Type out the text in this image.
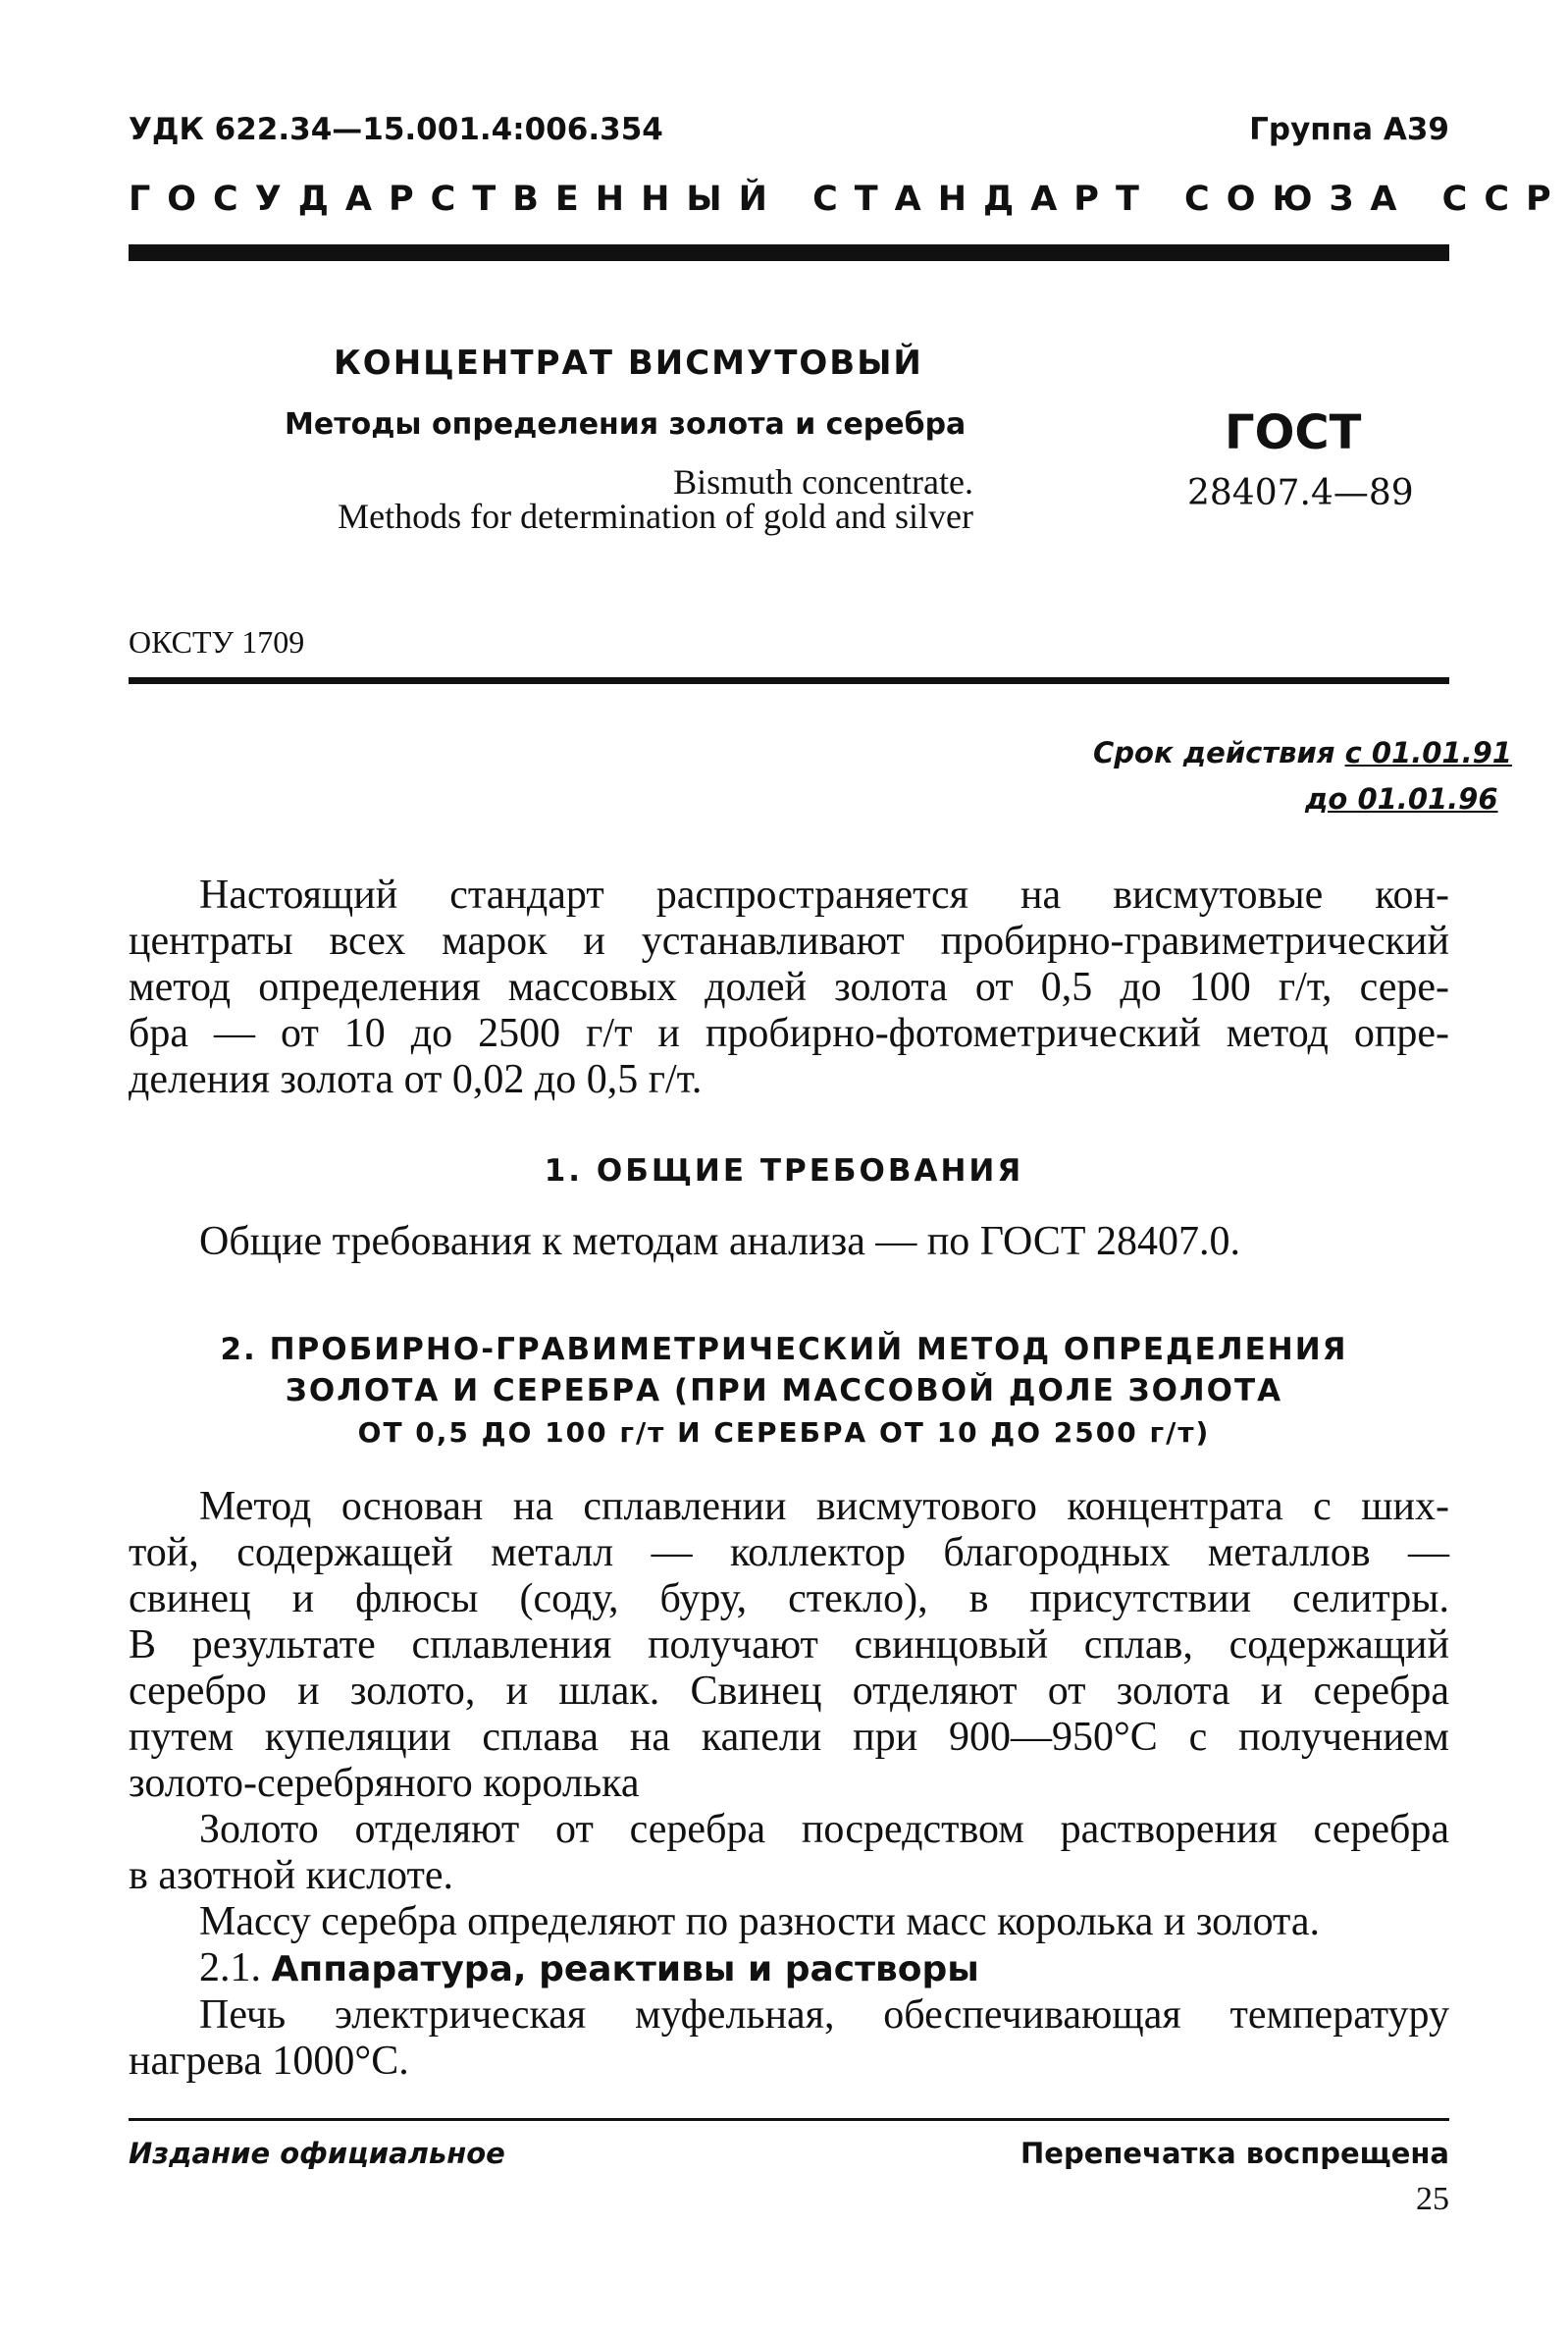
УДК 622.34—15.001.4:006.354	Группа А39
ГОСУДАРСТВЕННЫЙ СТАНДАРТ СОЮЗА ССР
КОНЦЕНТРАТ ВИСМУТОВЫЙ
Методы определения золота и серебра
Bismuth concentrate.
Methods for determination of gold and silver
ГОСТ
28407.4—89
ОКСТУ 1709
Срок действия с 01.01.91
до 01.01.96
Настоящий стандарт распространяется на висмутовые кон-
центраты всех марок и устанавливают пробирно-гравиметрический
метод определения массовых долей золота от 0,5 до 100 г/т, сере-
бра — от 10 до 2500 г/т и пробирно-фотометрический метод опре-
деления золота от 0,02 до 0,5 г/т.
1. ОБЩИЕ ТРЕБОВАНИЯ
Общие требования к методам анализа — по ГОСТ 28407.0.
2. ПРОБИРНО-ГРАВИМЕТРИЧЕСКИЙ МЕТОД ОПРЕДЕЛЕНИЯ
ЗОЛОТА И СЕРЕБРА (ПРИ МАССОВОЙ ДОЛЕ ЗОЛОТА
ОТ 0,5 ДО 100 г/т И СЕРЕБРА ОТ 10 ДО 2500 г/т)
Метод основан на сплавлении висмутового концентрата с ших-
той, содержащей металл — коллектор благородных металлов —
свинец и флюсы (соду, буру, стекло), в присутствии селитры.
В результате сплавления получают свинцовый сплав, содержащий
серебро и золото, и шлак. Свинец отделяют от золота и серебра
путем купеляции сплава на капели при 900—950°С с получением
золото-серебряного королька
Золото отделяют от серебра посредством растворения серебра
в азотной кислоте.
Массу серебра определяют по разности масс королька и золота.
2.1. Аппаратура, реактивы и растворы
Печь электрическая муфельная, обеспечивающая температуру
нагрева 1000°С.
Издание официальное	Перепечатка воспрещена
25
